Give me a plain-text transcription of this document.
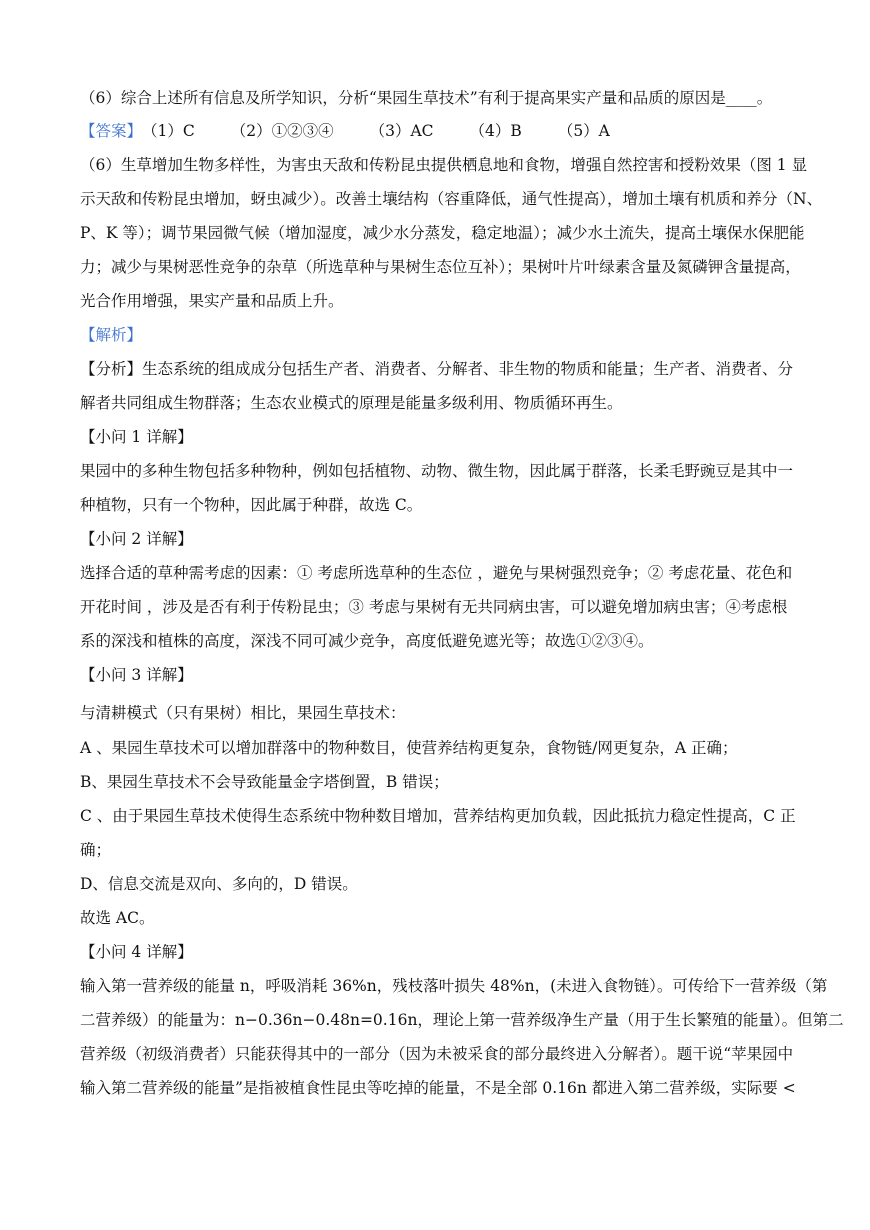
（6）综合上述所有信息及所学知识，分析“果园生草技术”有利于提高果实产量和品质的原因是____。
【答案】（1）C （2）①②③④ （3）AC （4）B （5）A
（6）生草增加生物多样性，为害虫天敌和传粉昆虫提供栖息地和食物，增强自然控害和授粉效果（图 1 显
示天敌和传粉昆虫增加，蚜虫减少）。改善土壤结构（容重降低，通气性提高），增加土壤有机质和养分（N、
P、K 等）；调节果园微气候（增加湿度，减少水分蒸发，稳定地温）；减少水土流失，提高土壤保水保肥能
力；减少与果树恶性竞争的杂草（所选草种与果树生态位互补）；果树叶片叶绿素含量及氮磷钾含量提高，
光合作用增强，果实产量和品质上升。
【解析】
【分析】生态系统的组成成分包括生产者、消费者、分解者、非生物的物质和能量；生产者、消费者、分
解者共同组成生物群落；生态农业模式的原理是能量多级利用、物质循环再生。
【小问 1 详解】
果园中的多种生物包括多种物种，例如包括植物、动物、微生物，因此属于群落，长柔毛野豌豆是其中一
种植物，只有一个物种，因此属于种群，故选 C。
【小问 2 详解】
选择合适的草种需考虑的因素：① 考虑所选草种的生态位 ，避免与果树强烈竞争；② 考虑花量、花色和
开花时间 ，涉及是否有利于传粉昆虫；③ 考虑与果树有无共同病虫害，可以避免增加病虫害；④考虑根
系的深浅和植株的高度，深浅不同可减少竞争，高度低避免遮光等；故选①②③④。
【小问 3 详解】
与清耕模式（只有果树）相比，果园生草技术：
A 、果园生草技术可以增加群落中的物种数目，使营养结构更复杂，食物链/网更复杂，A 正确；
B、果园生草技术不会导致能量金字塔倒置，B 错误；
C 、由于果园生草技术使得生态系统中物种数目增加，营养结构更加负载，因此抵抗力稳定性提高，C 正
确；
D、信息交流是双向、多向的，D 错误。
故选 AC。
【小问 4 详解】
输入第一营养级的能量 n，呼吸消耗 36%n，残枝落叶损失 48%n，(未进入食物链）。可传给下一营养级（第
二营养级）的能量为：n−0.36n−0.48n=0.16n，理论上第一营养级净生产量（用于生长繁殖的能量）。但第二
营养级（初级消费者）只能获得其中的一部分（因为未被采食的部分最终进入分解者）。题干说“苹果园中
输入第二营养级的能量”是指被植食性昆虫等吃掉的能量，不是全部 0.16n 都进入第二营养级，实际要 <
